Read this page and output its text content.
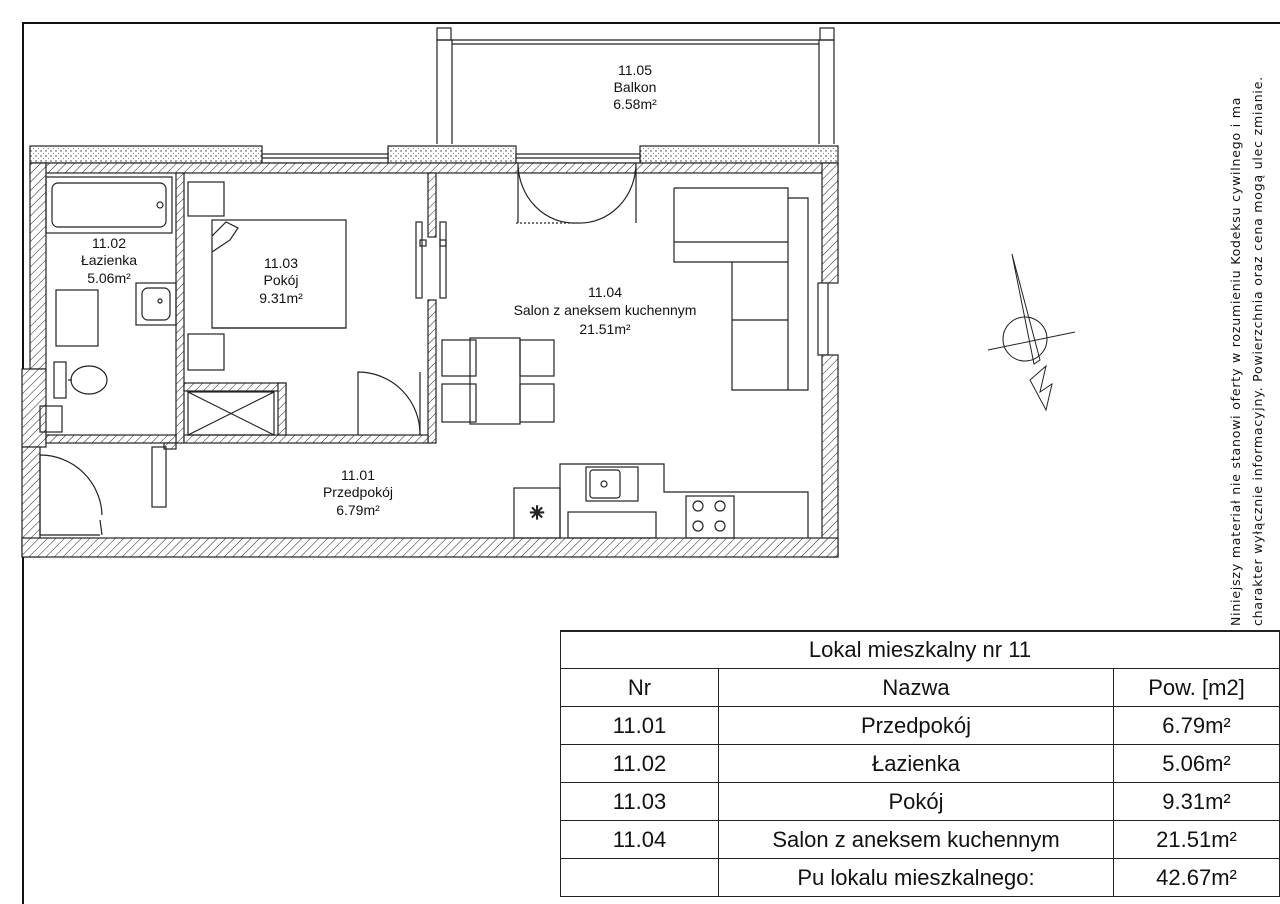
✳
11.05
Balkon
6.58m²
11.02
Łazienka
5.06m²
11.03
Pokój
9.31m²	11.04
Salon z aneksem kuchennym
21.51m²
11.01
Przedpokój
6.79m²	Niniejszy materiał nie stanowi oferty w rozumieniu Kodeksu cywilnego i ma charakter wyłącznie informacyjny. Powierzchnia oraz cena mogą ulec zmianie.
Lokal mieszkalny nr 11		
Nr	Nazwa	Pow. [m2]
11.01	Przedpokój	6.79m²
11.02	Łazienka	5.06m²
11.03	Pokój	9.31m²
11.04	Salon z aneksem kuchennym	21.51m²
	Pu lokalu mieszkalnego:	42.67m²
